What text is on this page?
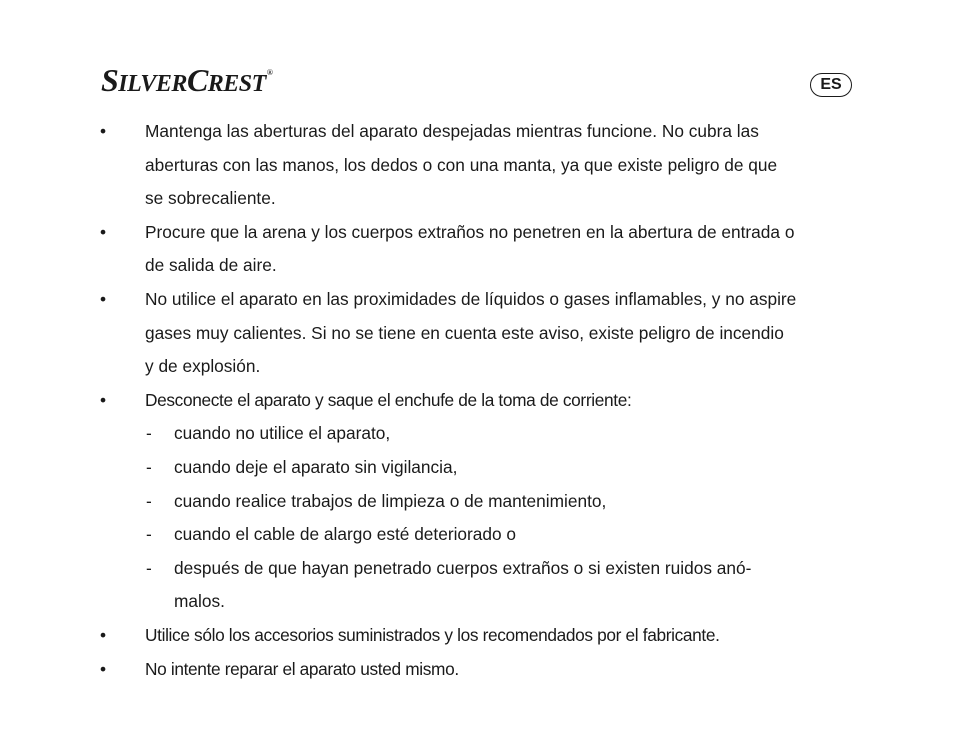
SILVERCREST®
ES
• Mantenga las aberturas del aparato despejadas mientras funcione. No cubra las
aberturas con las manos, los dedos o con una manta, ya que existe peligro de que
se sobrecaliente.
• Procure que la arena y los cuerpos extraños no penetren en la abertura de entrada o
de salida de aire.
• No utilice el aparato en las proximidades de líquidos o gases inflamables, y no aspire
gases muy calientes. Si no se tiene en cuenta este aviso, existe peligro de incendio
y de explosión.
• Desconecte el aparato y saque el enchufe de la toma de corriente:
- cuando no utilice el aparato,
- cuando deje el aparato sin vigilancia,
- cuando realice trabajos de limpieza o de mantenimiento,
- cuando el cable de alargo esté deteriorado o
- después de que hayan penetrado cuerpos extraños o si existen ruidos anó-
malos.
• Utilice sólo los accesorios suministrados y los recomendados por el fabricante.
• No intente reparar el aparato usted mismo.
